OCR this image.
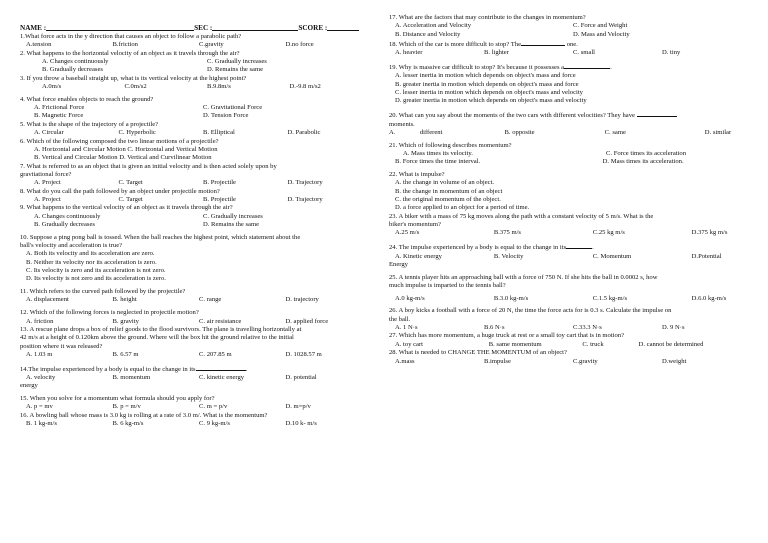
NAME :	SEC :	SCORE :
1.What force acts in the y direction that causes an object to follow a parabolic path?
A.tension	B.friction	C.gravity	D.no force
2. What happens to the horizontal velocity of an object as it travels through the air?
A. Changes continuously	C. Gradually increases
B. Gradually decreases	D. Remains the same
3. If you throw a baseball straight up, what is its vertical velocity at the highest point?
A.0m/s	C.0m/s2	B.9.8m/s	D.-9.8 m/s2
4. What force enables objects to reach the ground?
A. Frictional Force	C. Gravitational Force
B. Magnetic Force	D. Tension Force
5. What is the shape of the trajectory of a projectile?
A. Circular	C. Hyperbolic	B. Elliptical	D. Parabolic
6. Which of the following composed the two linear motions of a projectile?
A. Horizontal and Circular Motion C. Horizontal and Vertical Motion
B. Vertical and Circular Motion D. Vertical and Curvilinear Motion
7. What is referred to as an object that is given an initial velocity and is then acted solely upon by
gravitational force?
A. Project	C. Target	B. Projectile	D. Trajectory
8. What do you call the path followed by an object under projectile motion?
A. Project	C. Target	B. Projectile	D. Trajectory
9. What happens to the vertical velocity of an object as it travels through the air?
A. Changes continuously	C. Gradually increases
B. Gradually decreases	D. Remains the same
10. Suppose a ping pong ball is tossed. When the ball reaches the highest point, which statement about the
ball's velocity and acceleration is true?
A. Both its velocity and its acceleration are zero.
B. Neither its velocity nor its acceleration is zero.
C. Its velocity is zero and its acceleration is not zero.
D. Its velocity is not zero and its acceleration is zero.
11. Which refers to the curved path followed by the projectile?
A. displacement	B. height	C. range	D. trajectory
12. Which of the following forces is neglected in projectile motion?
A. friction	B. gravity	C. air resistance	D. applied force
13. A rescue plane drops a box of relief goods to the flood survivors. The plane is travelling horizontally at
42 m/s at a height of 0.120km above the ground. Where will the box hit the ground relative to the initial
position where it was released?
A. 1.03 m	B. 6.57 m	C. 207.85 m	D. 1028.57 m
14.The impulse experienced by a body is equal to the change in its	.
A. velocity	B. momentum	C. kinetic energy	D. potential
energy
15. When you solve for a momentum what formula should you apply for?
A. p = mv	B. p = m/v	C. m = p/v	D. m=p/v
16. A bowling ball whose mass is 3.0 kg is rolling at a rate of 3.0 m/. What is the momentum?
B. 1 kg-m/s	B. 6 kg-m/s	C. 9 kg-m/s	D.10 k- m/s
17. What are the factors that may contribute to the changes in momentum?
A. Acceleration and Velocity	C. Force and Weight
B. Distance and Velocity	D. Mass and Velocity
18. Which of the car is more difficult to stop? The	one.
A. heavier	B. lighter	C. small	D. tiny
19. Why is massive car difficult to stop? It's because it possesses a	.
A. lesser inertia in motion which depends on object's mass and force
B. greater inertia in motion which depends on object's mass and force
C. lesser inertia in motion which depends on object's mass and velocity
D. greater inertia in motion which depends on object's mass and velocity
20. What can you say about the moments of the two cars with different velocities? They have
moments.
A.	different	B. opposite	C. same	D. similar
21. Which of following describes momentum?
A. Mass times its velocity.	C. Force times its acceleration
B. Force times the time interval.	D. Mass times its acceleration.
22. What is impulse?
A. the change in volume of an object.
B. the change in momentum of an object
C. the original momentum of the object.
D. a force applied to an object for a period of time.
23. A biker with a mass of 75 kg moves along the path with a constant velocity of 5 m/s. What is the
biker's momentum?
A.25 m/s	B.375 m/s	C.25 kg m/s	D.375 kg m/s
24. The impulse experienced by a body is equal to the change in its	.
A. Kinetic energy	B. Velocity	C. Momentum	D.Potential
Energy
25. A tennis player hits an approaching ball with a force of 750 N. If she hits the ball in 0.0002 s, how
much impulse is imparted to the tennis ball?
A.0 kg-m/s	B.3.0 kg-m/s	C.1.5 kg-m/s	D.6.0 kg-m/s
26. A boy kicks a football with a force of 20 N, the time the force acts for is 0.3 s. Calculate the impulse on
the ball.
A. 1 N·s	B.6 N·s	C.33.3 N·s	D. 9 N·s
27. Which has more momentum, a huge truck at rest or a small toy cart that is in motion?
A. toy cart	B. same momentum	C. truck	D. cannot be determined
28. What is needed to CHANGE THE MOMENTUM of an object?
A.mass	B.impulse	C.gravity	D.weight
